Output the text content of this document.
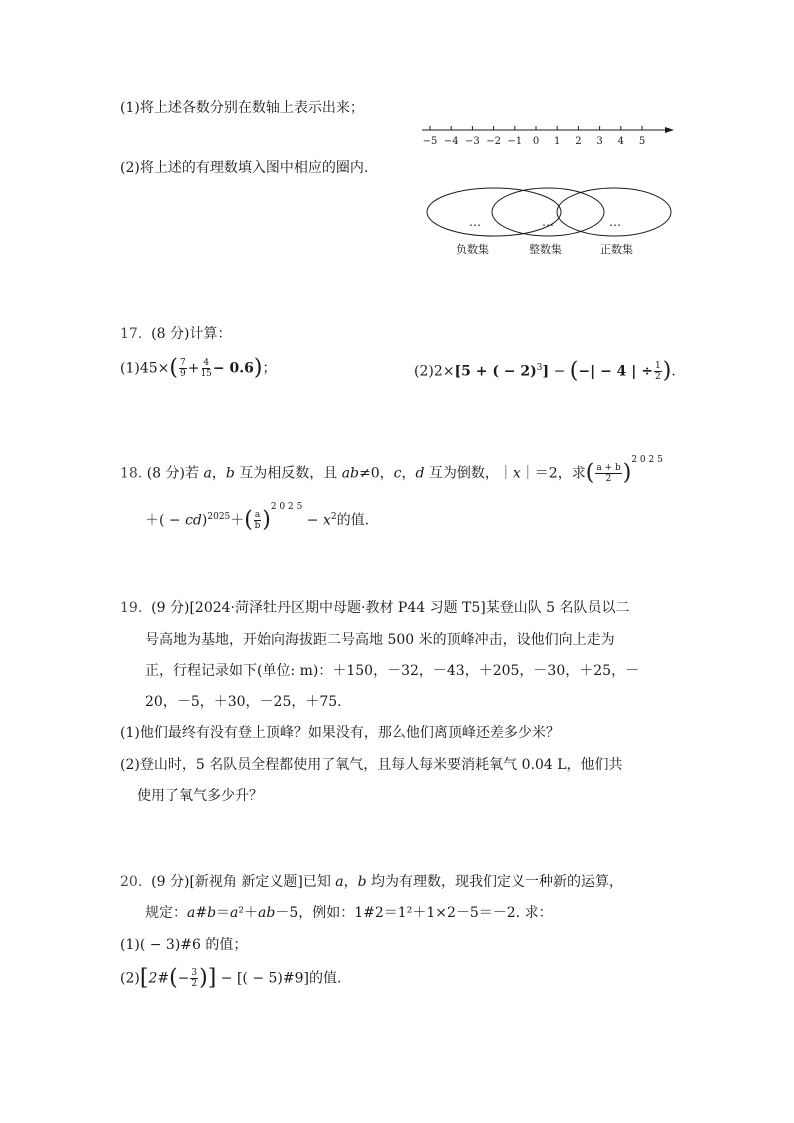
(1)将上述各数分别在数轴上表示出来；
(2)将上述的有理数填入图中相应的圈内.
−5 −4 −3 −2 −1 0 1 2 3 4 5
…	…	…
负数集	整数集	正数集
17. (8 分)计算：
$(1)45\times( \frac{7}{9} + \frac{4}{15} - 0.6)$；	(2)2×[5 + ( − 2)$^3$] − (−| − 4 | ÷ $\frac{1}{2}$ ).
18. (8 分)若 a，b 互为相反数，且 ab≠0，c，d 互为倒数，｜x｜＝2，求( $\frac{a + b}{2} )^{2 0 2 5}$
＋( − $cd)^{2025}+( \frac{a}{b} )^{2 0 2 5} - x^2$的值.
19. (9 分)[2024·菏泽牡丹区期中母题·教材 P44 习题 T5]某登山队 5 名队员以二
号高地为基地，开始向海拔距二号高地 500 米的顶峰冲击，设他们向上走为
正，行程记录如下(单位: m)：＋150，－32，－43，＋205，－30，＋25，－
20，－5，＋30，－25，＋75.
(1)他们最终有没有登上顶峰？如果没有，那么他们离顶峰还差多少米？
(2)登山时，5 名队员全程都使用了氧气，且每人每米要消耗氧气 0.04 L，他们共
使用了氧气多少升？
20. (9 分)[新视角 新定义题]已知 a，b 均为有理数，现我们定义一种新的运算，
规定：a#b＝a²＋ab－5，例如：1#2＝1²＋1×2－5＝－2. 求：
(1)( − 3)#6 的值；
(2)[2#(− $\frac{3}{2}$ )] − [( − 5)#9]的值.
